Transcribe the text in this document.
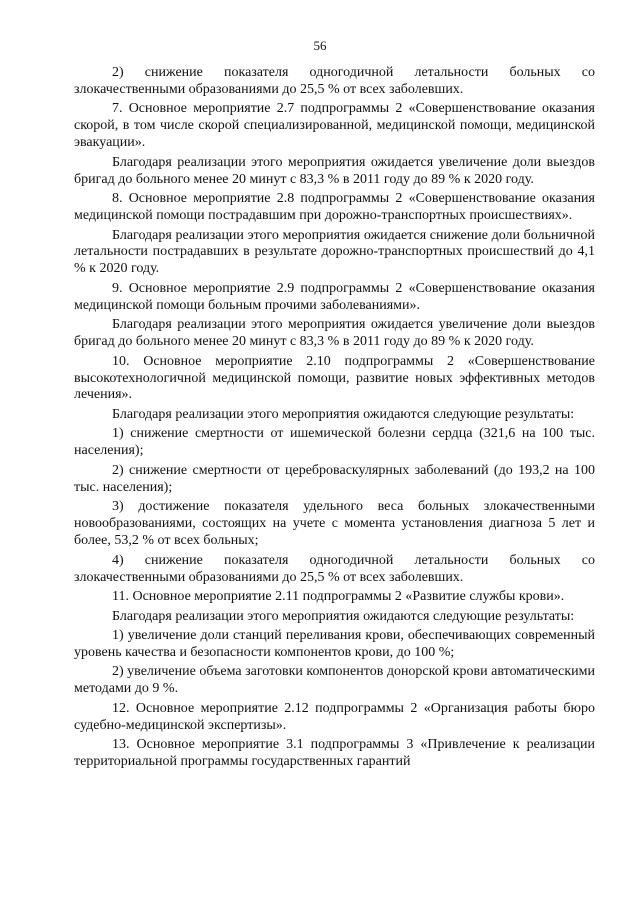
56

2) снижение показателя одногодичной летальности больных со злокачественными образованиями до 25,5 % от всех заболевших.

7. Основное мероприятие 2.7 подпрограммы 2 «Совершенствование оказания скорой, в том числе скорой специализированной, медицинской помощи, медицинской эвакуации».

Благодаря реализации этого мероприятия ожидается увеличение доли выездов бригад до больного менее 20 минут с 83,3 % в 2011 году до 89 % к 2020 году.

8. Основное мероприятие 2.8 подпрограммы 2 «Совершенствование оказания медицинской помощи пострадавшим при дорожно-транспортных происшествиях».

Благодаря реализации этого мероприятия ожидается снижение доли больничной летальности пострадавших в результате дорожно-транспортных происшествий до 4,1 % к 2020 году.

9. Основное мероприятие 2.9 подпрограммы 2 «Совершенствование оказания медицинской помощи больным прочими заболеваниями».

Благодаря реализации этого мероприятия ожидается увеличение доли выездов бригад до больного менее 20 минут с 83,3 % в 2011 году до 89 % к 2020 году.

10. Основное мероприятие 2.10 подпрограммы 2 «Совершенствование высокотехнологичной медицинской помощи, развитие новых эффективных методов лечения».

Благодаря реализации этого мероприятия ожидаются следующие результаты:

1) снижение смертности от ишемической болезни сердца (321,6 на 100 тыс. населения);

2) снижение смертности от цереброваскулярных заболеваний (до 193,2 на 100 тыс. населения);

3) достижение показателя удельного веса больных злокачественными новообразованиями, состоящих на учете с момента установления диагноза 5 лет и более, 53,2 % от всех больных;

4) снижение показателя одногодичной летальности больных со злокачественными образованиями до 25,5 % от всех заболевших.

11. Основное мероприятие 2.11 подпрограммы 2 «Развитие службы крови».

Благодаря реализации этого мероприятия ожидаются следующие результаты:

1) увеличение доли станций переливания крови, обеспечивающих современный уровень качества и безопасности компонентов крови, до 100 %;

2) увеличение объема заготовки компонентов донорской крови автоматическими методами до 9 %.

12. Основное мероприятие 2.12 подпрограммы 2 «Организация работы бюро судебно-медицинской экспертизы».

13. Основное мероприятие 3.1 подпрограммы 3 «Привлечение к реализации территориальной программы государственных гарантий
